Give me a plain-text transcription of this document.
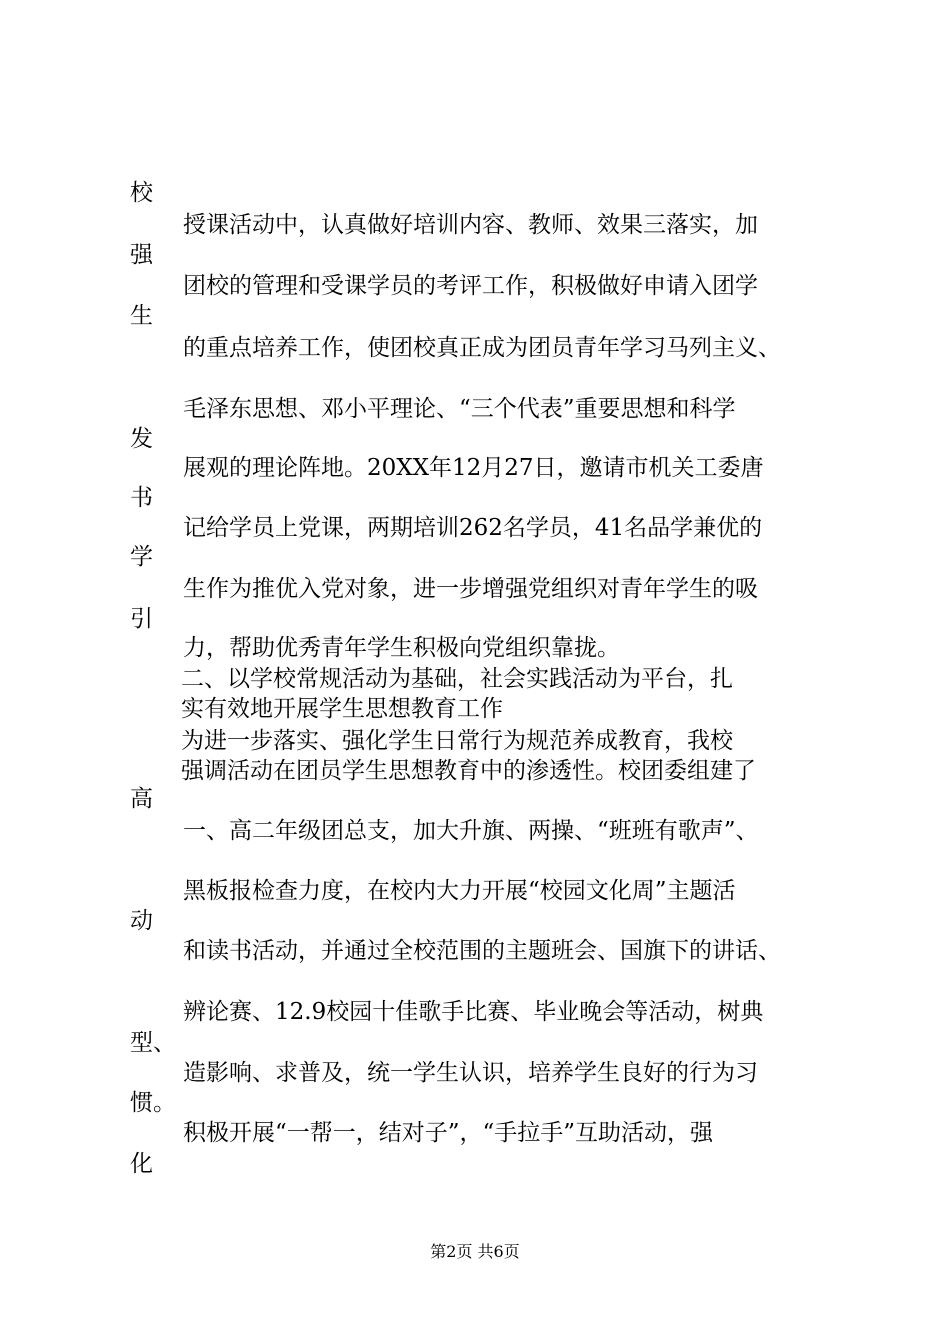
校
强
生
发
书
学
引
高
动
型、
惯。
化
授课活动中，认真做好培训内容、教师、效果三落实，加
团校的管理和受课学员的考评工作，积极做好申请入团学
的重点培养工作，使团校真正成为团员青年学习马列主义、
毛泽东思想、邓小平理论、“三个代表”重要思想和科学
展观的理论阵地。20XX年12月27日，邀请市机关工委唐
记给学员上党课，两期培训262名学员，41名品学兼优的
生作为推优入党对象，进一步增强党组织对青年学生的吸
力，帮助优秀青年学生积极向党组织靠拢。
二、以学校常规活动为基础，社会实践活动为平台，扎
实有效地开展学生思想教育工作
为进一步落实、强化学生日常行为规范养成教育，我校
强调活动在团员学生思想教育中的渗透性。校团委组建了
一、高二年级团总支，加大升旗、两操、“班班有歌声”、
黑板报检查力度，在校内大力开展“校园文化周”主题活
和读书活动，并通过全校范围的主题班会、国旗下的讲话、
辨论赛、12.9校园十佳歌手比赛、毕业晚会等活动，树典
造影响、求普及，统一学生认识，培养学生良好的行为习
积极开展“一帮一，结对子”，“手拉手”互助活动，强
第2页 共6页
